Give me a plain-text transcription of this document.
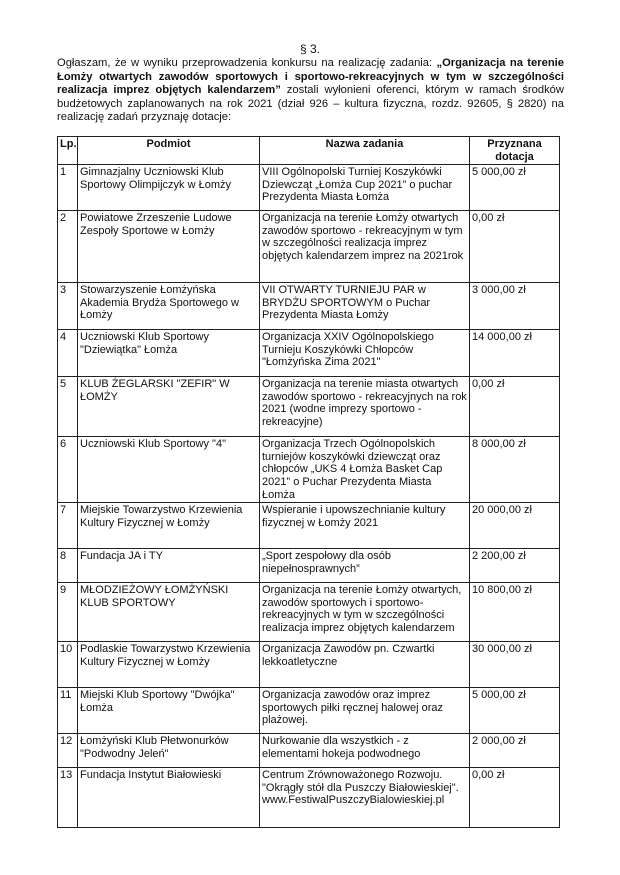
§ 3.
Ogłaszam, że w wyniku przeprowadzenia konkursu na realizację zadania: „Organizacja na terenie Łomży otwartych zawodów sportowych i sportowo-rekreacyjnych w tym w szczególności realizacja imprez objętych kalendarzem” zostali wyłonieni oferenci, którym w ramach środków budżetowych zaplanowanych na rok 2021 (dział 926 – kultura fizyczna, rozdz. 92605, § 2820) na realizację zadań przyznaję dotacje:
Lp.	Podmiot	Nazwa zadania	Przyznana dotacja
1	Gimnazjalny Uczniowski Klub Sportowy Olimpijczyk w Łomży	VIII Ogólnopolski Turniej Koszykówki Dziewcząt „Łomża Cup 2021” o puchar Prezydenta Miasta Łomża	5 000,00 zł
2	Powiatowe Zrzeszenie Ludowe Zespoły Sportowe w Łomży	Organizacja na terenie Łomży otwartych zawodów sportowo - rekreacyjnym w tym w szczególności realizacja imprez objętych kalendarzem imprez na 2021rok	0,00 zł
3	Stowarzyszenie Łomżyńska Akademia Brydża Sportowego w Łomży	VII OTWARTY TURNIEJU PAR w BRYDŻU SPORTOWYM o Puchar Prezydenta Miasta Łomży	3 000,00 zł
4	Uczniowski Klub Sportowy "Dziewiątka" Łomża	Organizacja XXIV Ogólnopolskiego Turnieju Koszykówki Chłopców "Łomżyńska Zima 2021"	14 000,00 zł
5	KLUB ŻEGLARSKI "ZEFIR" W ŁOMŻY	Organizacja na terenie miasta otwartych zawodów sportowo - rekreacyjnych na rok 2021 (wodne imprezy sportowo - rekreacyjne)	0,00 zł
6	Uczniowski Klub Sportowy "4"	Organizacja Trzech Ogólnopolskich turniejów koszykówki dziewcząt oraz chłopców „UKS 4 Łomża Basket Cap 2021” o Puchar Prezydenta Miasta Łomża	8 000,00 zł
7	Miejskie Towarzystwo Krzewienia Kultury Fizycznej w Łomży	Wspieranie i upowszechnianie kultury fizycznej w Łomży 2021	20 000,00 zł
8	Fundacja JA i TY	„Sport zespołowy dla osób niepełnosprawnych”	2 200,00 zł
9	MŁODZIEŻOWY ŁOMŻYŃSKI KLUB SPORTOWY	Organizacja na terenie Łomży otwartych, zawodów sportowych i sportowo-rekreacyjnych w tym w szczególności realizacja imprez objętych kalendarzem	10 800,00 zł
10	Podlaskie Towarzystwo Krzewienia Kultury Fizycznej w Łomży	Organizacja Zawodów pn. Czwartki lekkoatletyczne	30 000,00 zł
11	Miejski Klub Sportowy "Dwójka" Łomża	Organizacja zawodów oraz imprez sportowych piłki ręcznej halowej oraz plażowej.	5 000,00 zł
12	Łomżyński Klub Płetwonurków "Podwodny Jeleń"	Nurkowanie dla wszystkich - z elementami hokeja podwodnego	2 000,00 zł
13	Fundacja Instytut Białowieski	Centrum Zrównoważonego Rozwoju. "Okrągły stół dla Puszczy Białowieskiej". www.FestiwalPuszczyBialowieskiej.pl	0,00 zł
